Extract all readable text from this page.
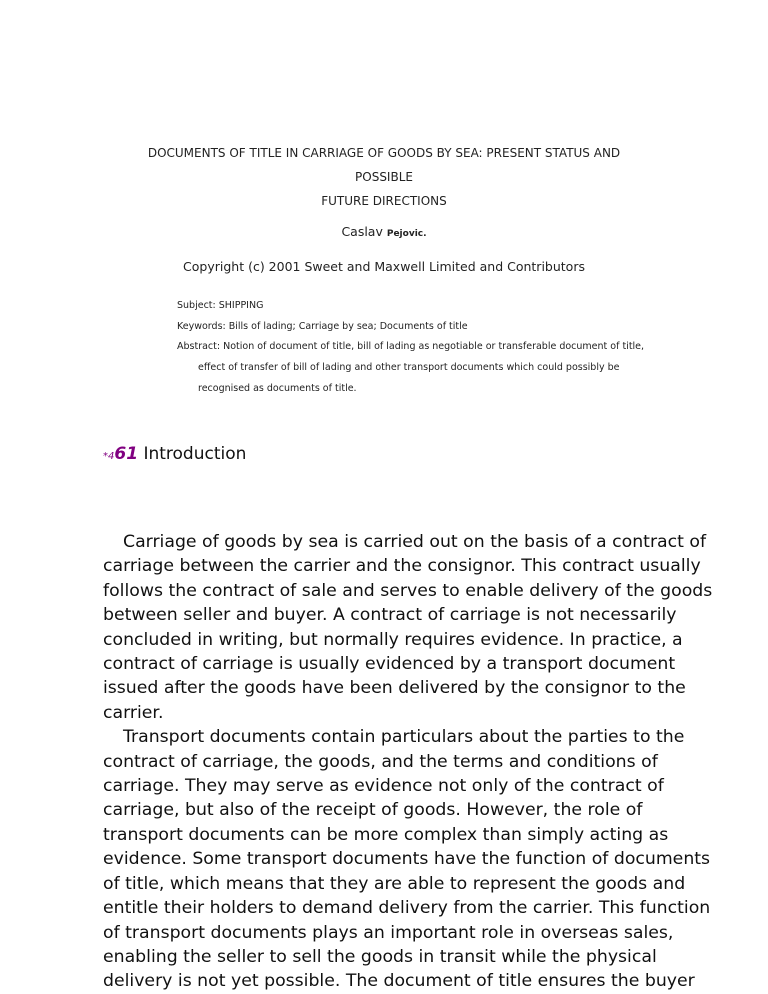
DOCUMENTS OF TITLE IN CARRIAGE OF GOODS BY SEA: PRESENT STATUS AND
POSSIBLE
FUTURE DIRECTIONS
Caslav Pejovic.
Copyright (c) 2001 Sweet and Maxwell Limited and Contributors
Subject: SHIPPING
Keywords: Bills of lading; Carriage by sea; Documents of title
Abstract: Notion of document of title, bill of lading as negotiable or transferable document of title,
effect of transfer of bill of lading and other transport documents which could possibly be
recognised as documents of title.
*461 Introduction
Carriage of goods by sea is carried out on the basis of a contract of
carriage between the carrier and the consignor. This contract usually
follows the contract of sale and serves to enable delivery of the goods
between seller and buyer. A contract of carriage is not necessarily
concluded in writing, but normally requires evidence. In practice, a
contract of carriage is usually evidenced by a transport document
issued after the goods have been delivered by the consignor to the
carrier.
Transport documents contain particulars about the parties to the
contract of carriage, the goods, and the terms and conditions of
carriage. They may serve as evidence not only of the contract of
carriage, but also of the receipt of goods. However, the role of
transport documents can be more complex than simply acting as
evidence. Some transport documents have the function of documents
of title, which means that they are able to represent the goods and
entitle their holders to demand delivery from the carrier. This function
of transport documents plays an important role in overseas sales,
enabling the seller to sell the goods in transit while the physical
delivery is not yet possible. The document of title ensures the buyer
